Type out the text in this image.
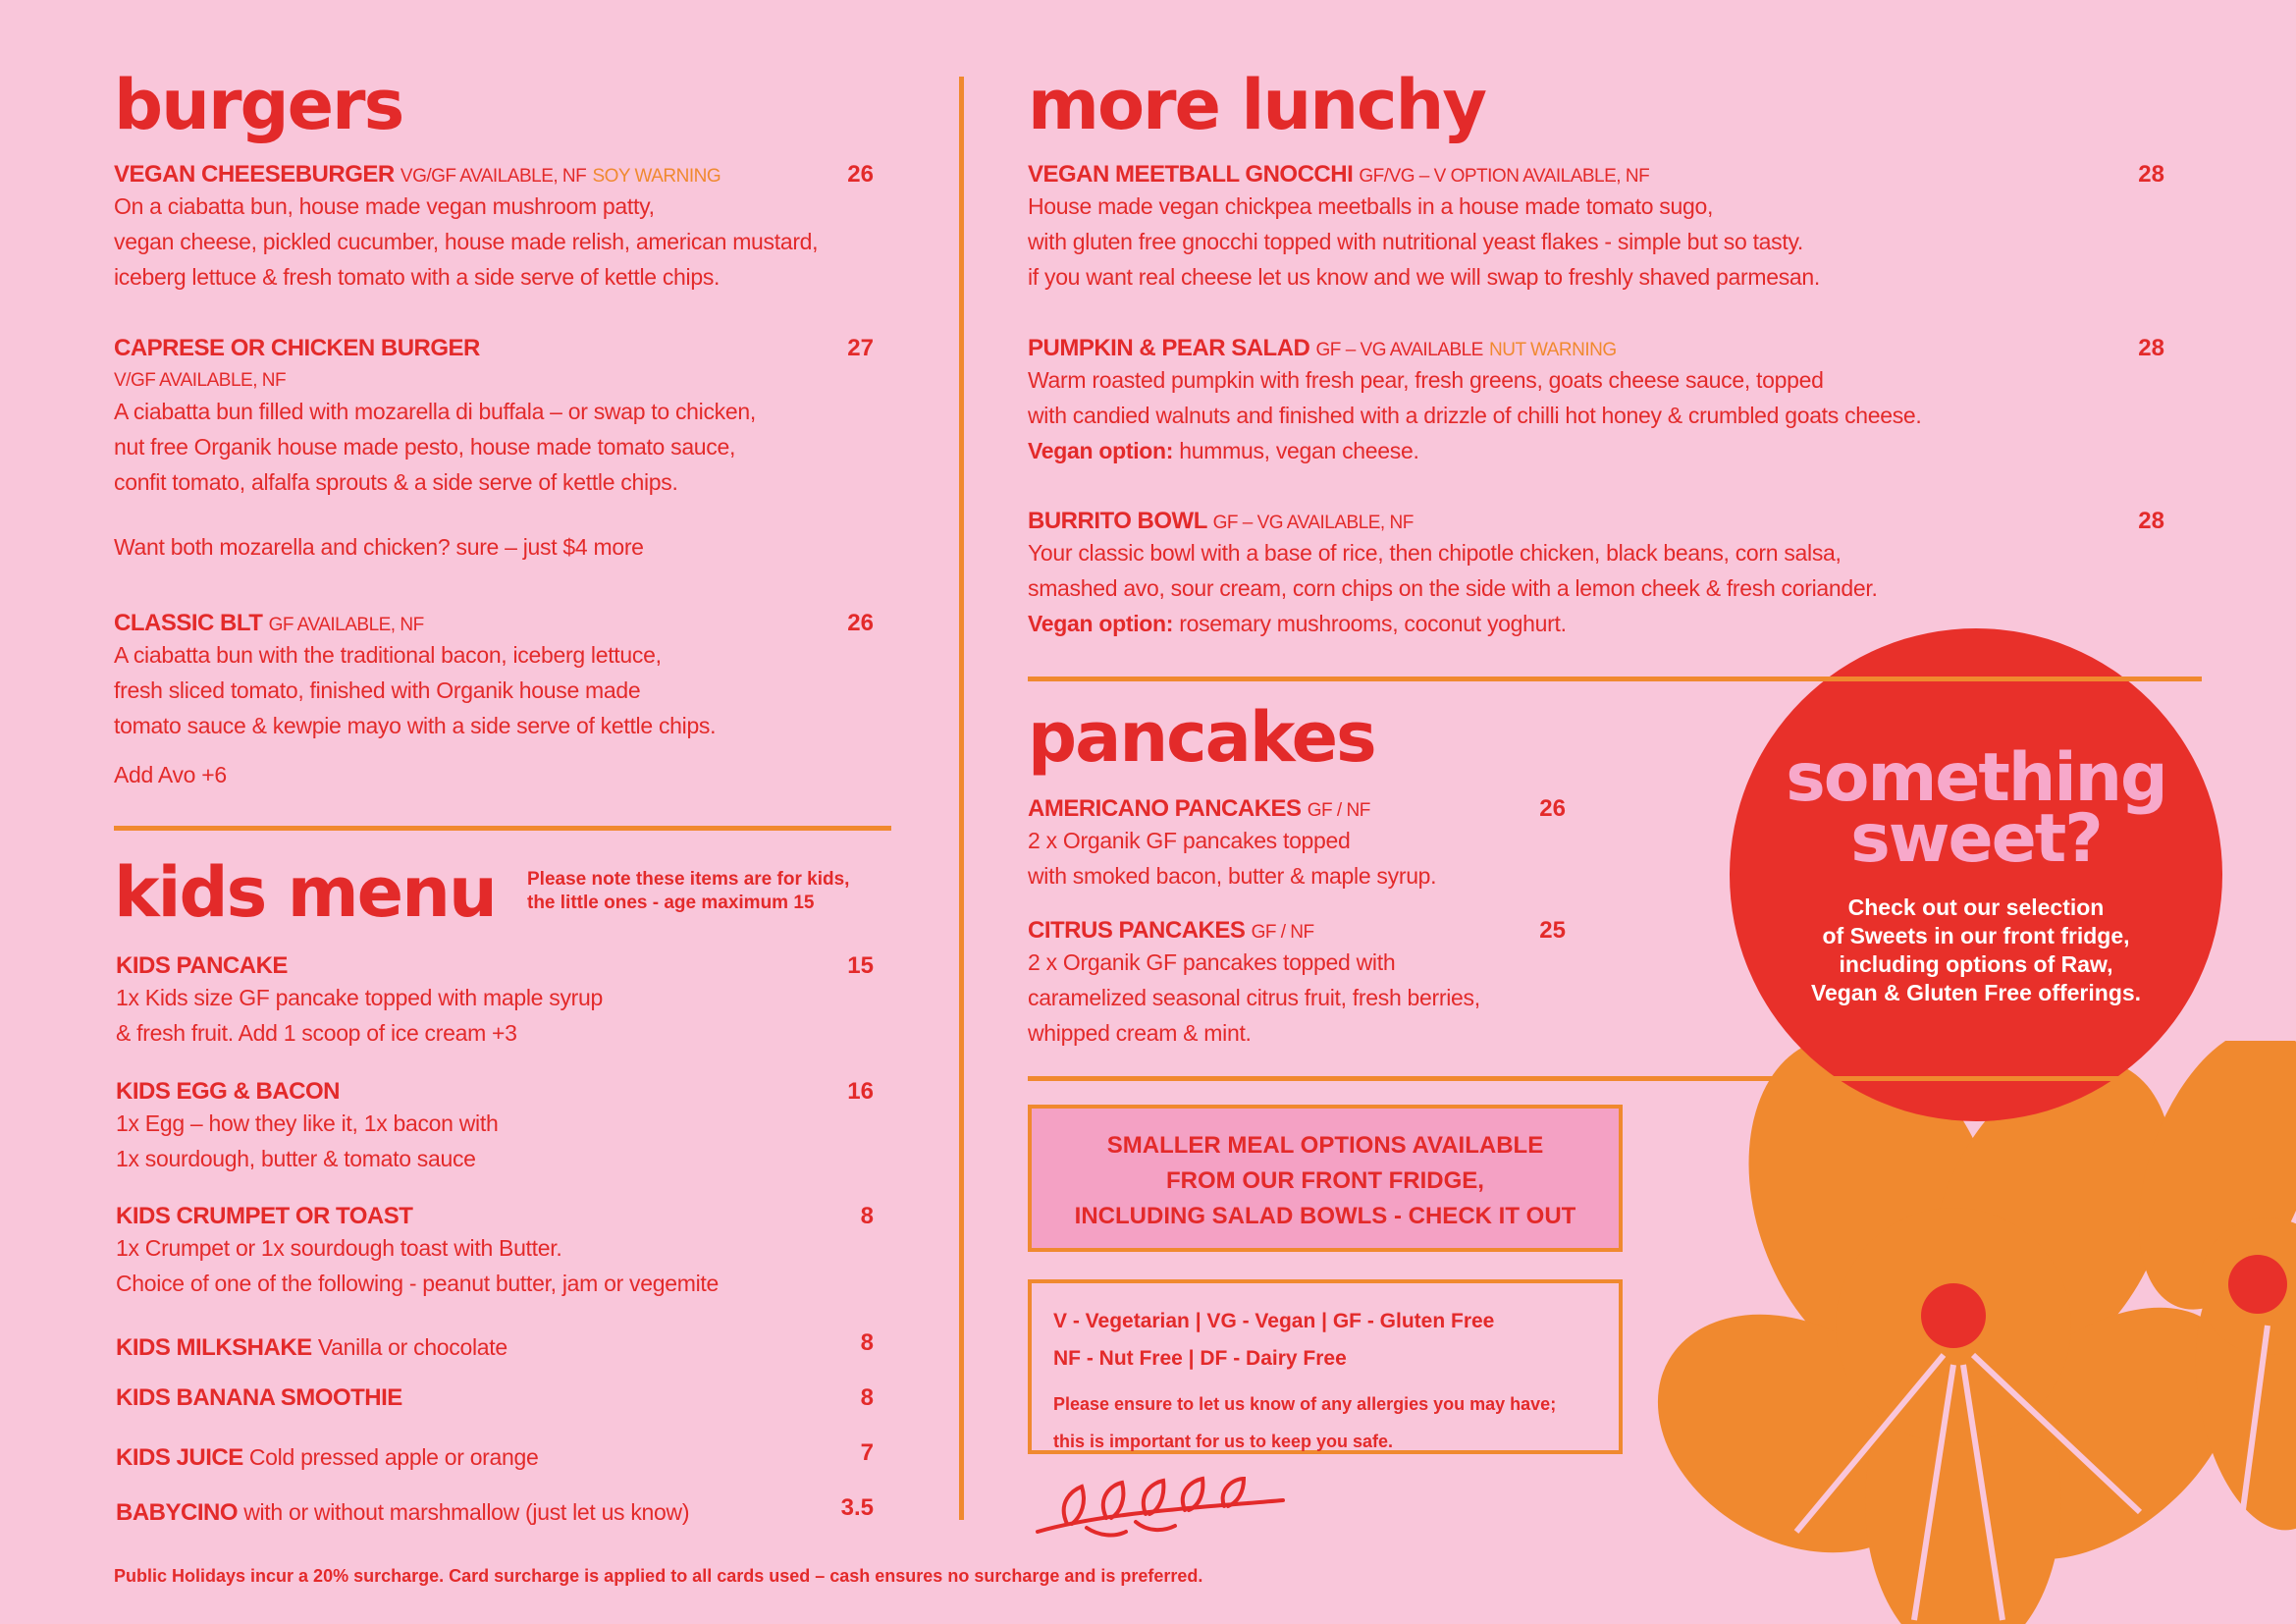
something
sweet?
Check out our selection
of Sweets in our front fridge,
including options of Raw,
Vegan & Gluten Free offerings.
burgers
VEGAN CHEESEBURGER VG/GF AVAILABLE, NF SOY WARNING
On a ciabatta bun, house made vegan mushroom patty,
vegan cheese, pickled cucumber, house made relish, american mustard,
iceberg lettuce & fresh tomato with a side serve of kettle chips.
26
CAPRESE OR CHICKEN BURGER
V/GF AVAILABLE, NF
A ciabatta bun filled with mozarella di buffala – or swap to chicken,
nut free Organik house made pesto, house made tomato sauce,
confit tomato, alfalfa sprouts & a side serve of kettle chips.
Want both mozarella and chicken? sure – just $4 more
27
CLASSIC BLT GF AVAILABLE, NF
A ciabatta bun with the traditional bacon, iceberg lettuce,
fresh sliced tomato, finished with Organik house made
tomato sauce & kewpie mayo with a side serve of kettle chips.
Add Avo +6
26
kids menu Please note these items are for kids,
the little ones - age maximum 15
KIDS PANCAKE
1x Kids size GF pancake topped with maple syrup
& fresh fruit. Add 1 scoop of ice cream +3
15
KIDS EGG & BACON
1x Egg – how they like it, 1x bacon with
1x sourdough, butter & tomato sauce
16
KIDS CRUMPET OR TOAST
1x Crumpet or 1x sourdough toast with Butter.
Choice of one of the following - peanut butter, jam or vegemite
8
KIDS MILKSHAKE Vanilla or chocolate	8
KIDS BANANA SMOOTHIE	8
KIDS JUICE Cold pressed apple or orange	7
BABYCINO with or without marshmallow (just let us know)	3.5
more lunchy
VEGAN MEETBALL GNOCCHI GF/VG – V OPTION AVAILABLE, NF
House made vegan chickpea meetballs in a house made tomato sugo,
with gluten free gnocchi topped with nutritional yeast flakes - simple but so tasty.
if you want real cheese let us know and we will swap to freshly shaved parmesan.
28
PUMPKIN & PEAR SALAD GF – VG AVAILABLE NUT WARNING
Warm roasted pumpkin with fresh pear, fresh greens, goats cheese sauce, topped
with candied walnuts and finished with a drizzle of chilli hot honey & crumbled goats cheese.
Vegan option: hummus, vegan cheese.
28
BURRITO BOWL GF – VG AVAILABLE, NF
Your classic bowl with a base of rice, then chipotle chicken, black beans, corn salsa,
smashed avo, sour cream, corn chips on the side with a lemon cheek & fresh coriander.
Vegan option: rosemary mushrooms, coconut yoghurt.
28
pancakes
AMERICANO PANCAKES GF / NF
2 x Organik GF pancakes topped
with smoked bacon, butter & maple syrup.
26
CITRUS PANCAKES GF / NF
2 x Organik GF pancakes topped with
caramelized seasonal citrus fruit, fresh berries,
whipped cream & mint.
25
SMALLER MEAL OPTIONS AVAILABLE
FROM OUR FRONT FRIDGE,
INCLUDING SALAD BOWLS - CHECK IT OUT
V - Vegetarian | VG - Vegan | GF - Gluten Free
NF - Nut Free | DF - Dairy Free
Please ensure to let us know of any allergies you may have;
this is important for us to keep you safe.
Public Holidays incur a 20% surcharge. Card surcharge is applied to all cards used – cash ensures no surcharge and is preferred.
